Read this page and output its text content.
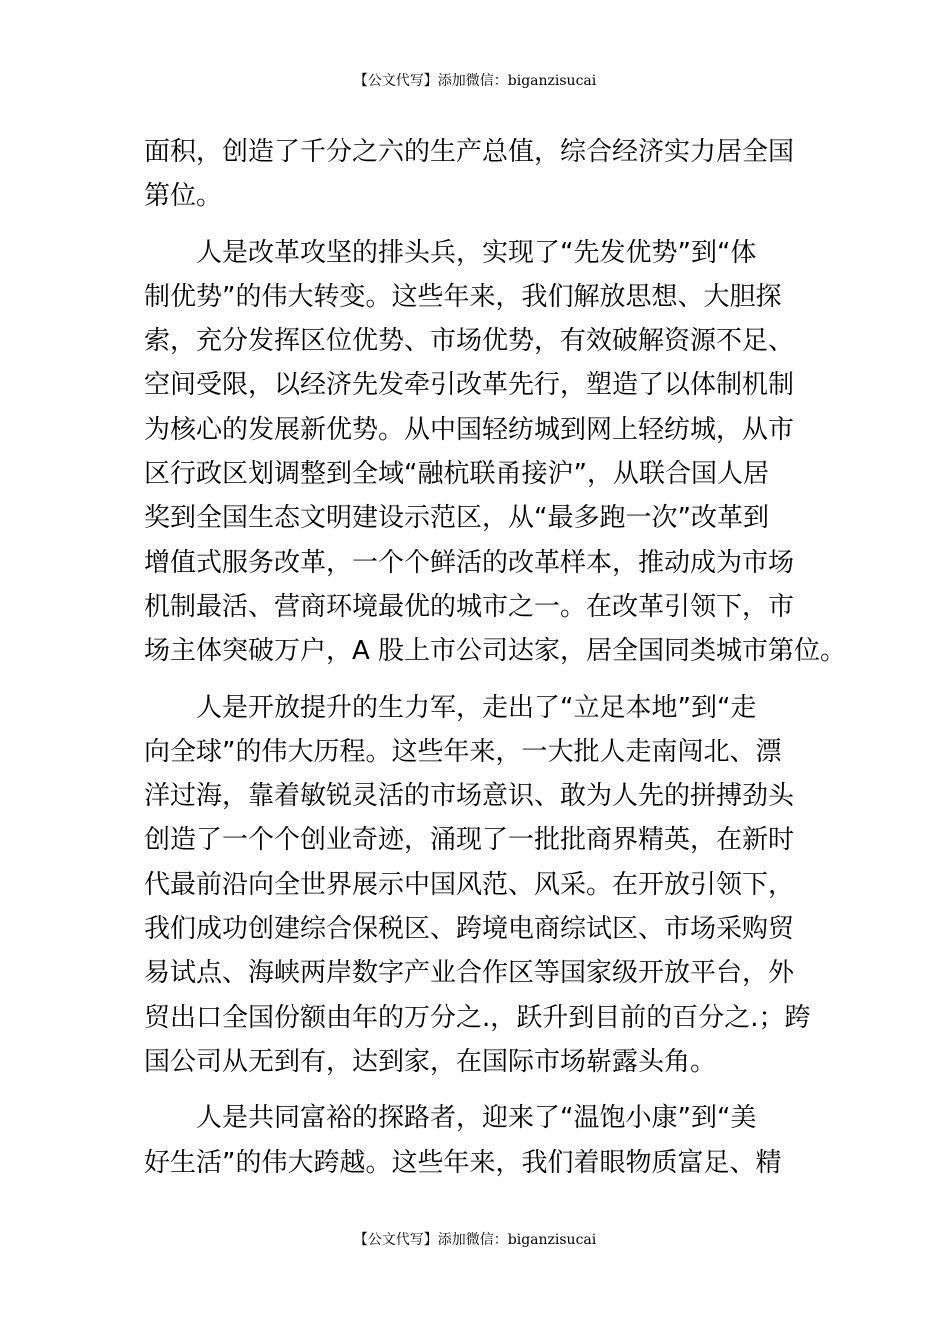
【公文代写】添加微信：biganzisucai
面积，创造了千分之六的生产总值，综合经济实力居全国
第位。
人是改革攻坚的排头兵，实现了“先发优势”到“体
制优势”的伟大转变。这些年来，我们解放思想、大胆探
索，充分发挥区位优势、市场优势，有效破解资源不足、
空间受限，以经济先发牵引改革先行，塑造了以体制机制
为核心的发展新优势。从中国轻纺城到网上轻纺城，从市
区行政区划调整到全域“融杭联甬接沪”，从联合国人居
奖到全国生态文明建设示范区，从“最多跑一次”改革到
增值式服务改革，一个个鲜活的改革样本，推动成为市场
机制最活、营商环境最优的城市之一。在改革引领下，市
场主体突破万户，A 股上市公司达家，居全国同类城市第位。
人是开放提升的生力军，走出了“立足本地”到“走
向全球”的伟大历程。这些年来，一大批人走南闯北、漂
洋过海，靠着敏锐灵活的市场意识、敢为人先的拼搏劲头
创造了一个个创业奇迹，涌现了一批批商界精英，在新时
代最前沿向全世界展示中国风范、风采。在开放引领下，
我们成功创建综合保税区、跨境电商综试区、市场采购贸
易试点、海峡两岸数字产业合作区等国家级开放平台，外
贸出口全国份额由年的万分之.，跃升到目前的百分之.；跨
国公司从无到有，达到家，在国际市场崭露头角。
人是共同富裕的探路者，迎来了“温饱小康”到“美
好生活”的伟大跨越。这些年来，我们着眼物质富足、精
【公文代写】添加微信：biganzisucai
